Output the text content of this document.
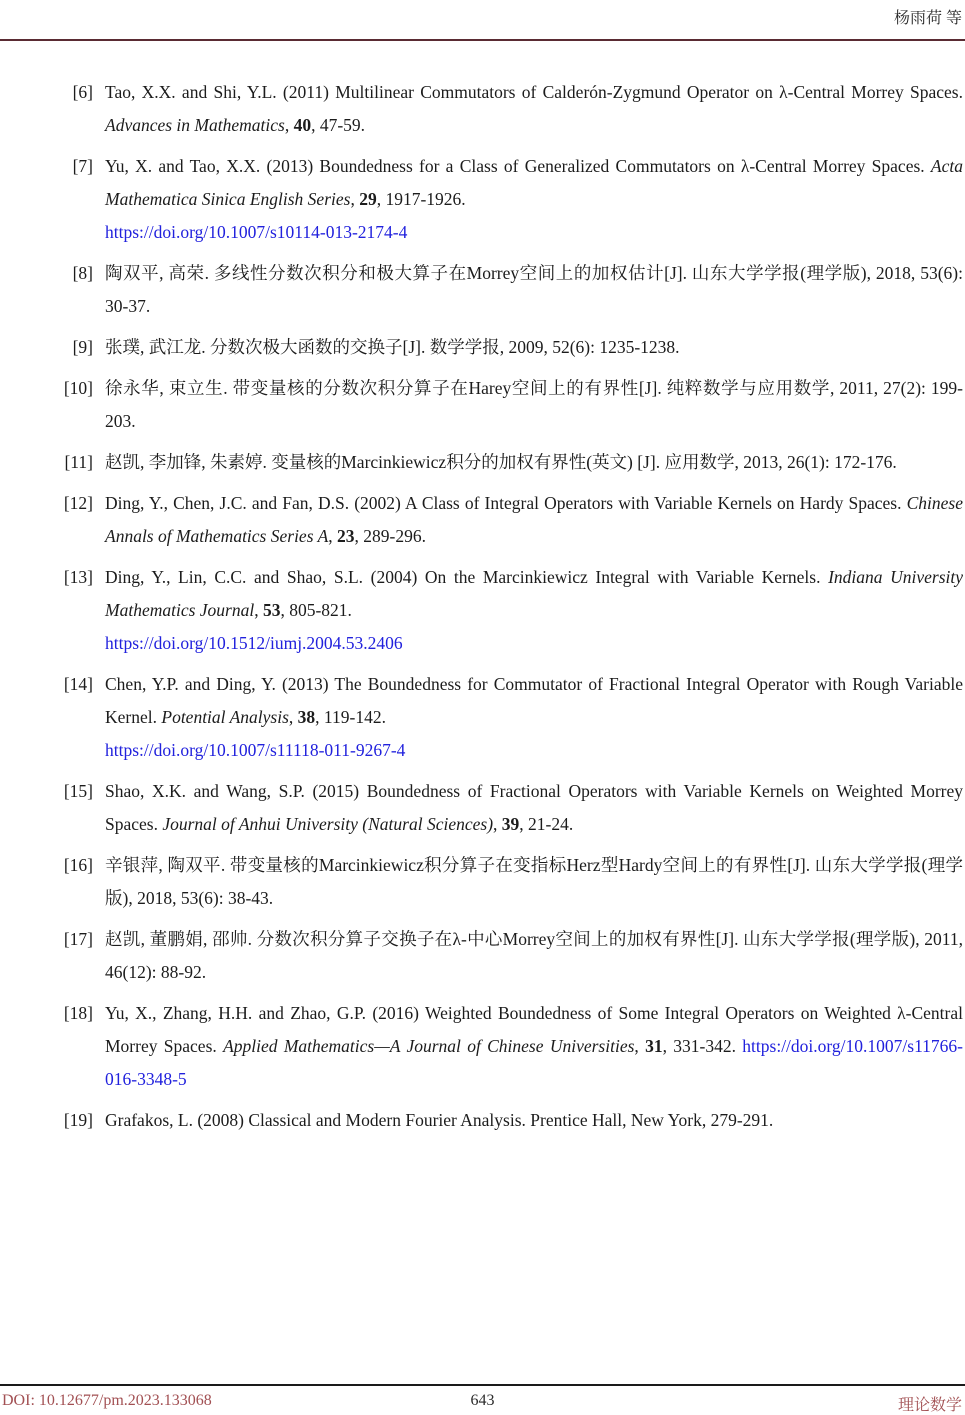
杨雨荷 等
[6] Tao, X.X. and Shi, Y.L. (2011) Multilinear Commutators of Calderón-Zygmund Operator on λ-Central Morrey Spaces. Advances in Mathematics, 40, 47-59.
[7] Yu, X. and Tao, X.X. (2013) Boundedness for a Class of Generalized Commutators on λ-Central Morrey Spaces. Acta Mathematica Sinica English Series, 29, 1917-1926.
https://doi.org/10.1007/s10114-013-2174-4
[8] 陶双平, 高荣. 多线性分数次积分和极大算子在Morrey空间上的加权估计[J]. 山东大学学报(理学版), 2018, 53(6): 30-37.
[9] 张璞, 武江龙. 分数次极大函数的交换子[J]. 数学学报, 2009, 52(6): 1235-1238.
[10] 徐永华, 束立生. 带变量核的分数次积分算子在Harey空间上的有界性[J]. 纯粹数学与应用数学, 2011, 27(2): 199-203.
[11] 赵凯, 李加锋, 朱素婷. 变量核的Marcinkiewicz积分的加权有界性(英文) [J]. 应用数学, 2013, 26(1): 172-176.
[12] Ding, Y., Chen, J.C. and Fan, D.S. (2002) A Class of Integral Operators with Variable Kernels on Hardy Spaces. Chinese Annals of Mathematics Series A, 23, 289-296.
[13] Ding, Y., Lin, C.C. and Shao, S.L. (2004) On the Marcinkiewicz Integral with Variable Kernels. Indiana University Mathematics Journal, 53, 805-821.
https://doi.org/10.1512/iumj.2004.53.2406
[14] Chen, Y.P. and Ding, Y. (2013) The Boundedness for Commutator of Fractional Integral Operator with Rough Variable Kernel. Potential Analysis, 38, 119-142.
https://doi.org/10.1007/s11118-011-9267-4
[15] Shao, X.K. and Wang, S.P. (2015) Boundedness of Fractional Operators with Variable Kernels on Weighted Morrey Spaces. Journal of Anhui University (Natural Sciences), 39, 21-24.
[16] 辛银萍, 陶双平. 带变量核的Marcinkiewicz积分算子在变指标Herz型Hardy空间上的有界性[J]. 山东大学学报(理学版), 2018, 53(6): 38-43.
[17] 赵凯, 董鹏娟, 邵帅. 分数次积分算子交换子在λ-中心Morrey空间上的加权有界性[J]. 山东大学学报(理学版), 2011, 46(12): 88-92.
[18] Yu, X., Zhang, H.H. and Zhao, G.P. (2016) Weighted Boundedness of Some Integral Operators on Weighted λ-Central Morrey Spaces. Applied Mathematics—A Journal of Chinese Universities, 31, 331-342. https://doi.org/10.1007/s11766-016-3348-5
[19] Grafakos, L. (2008) Classical and Modern Fourier Analysis. Prentice Hall, New York, 279-291.
DOI: 10.12677/pm.2023.133068	643	理论数学
